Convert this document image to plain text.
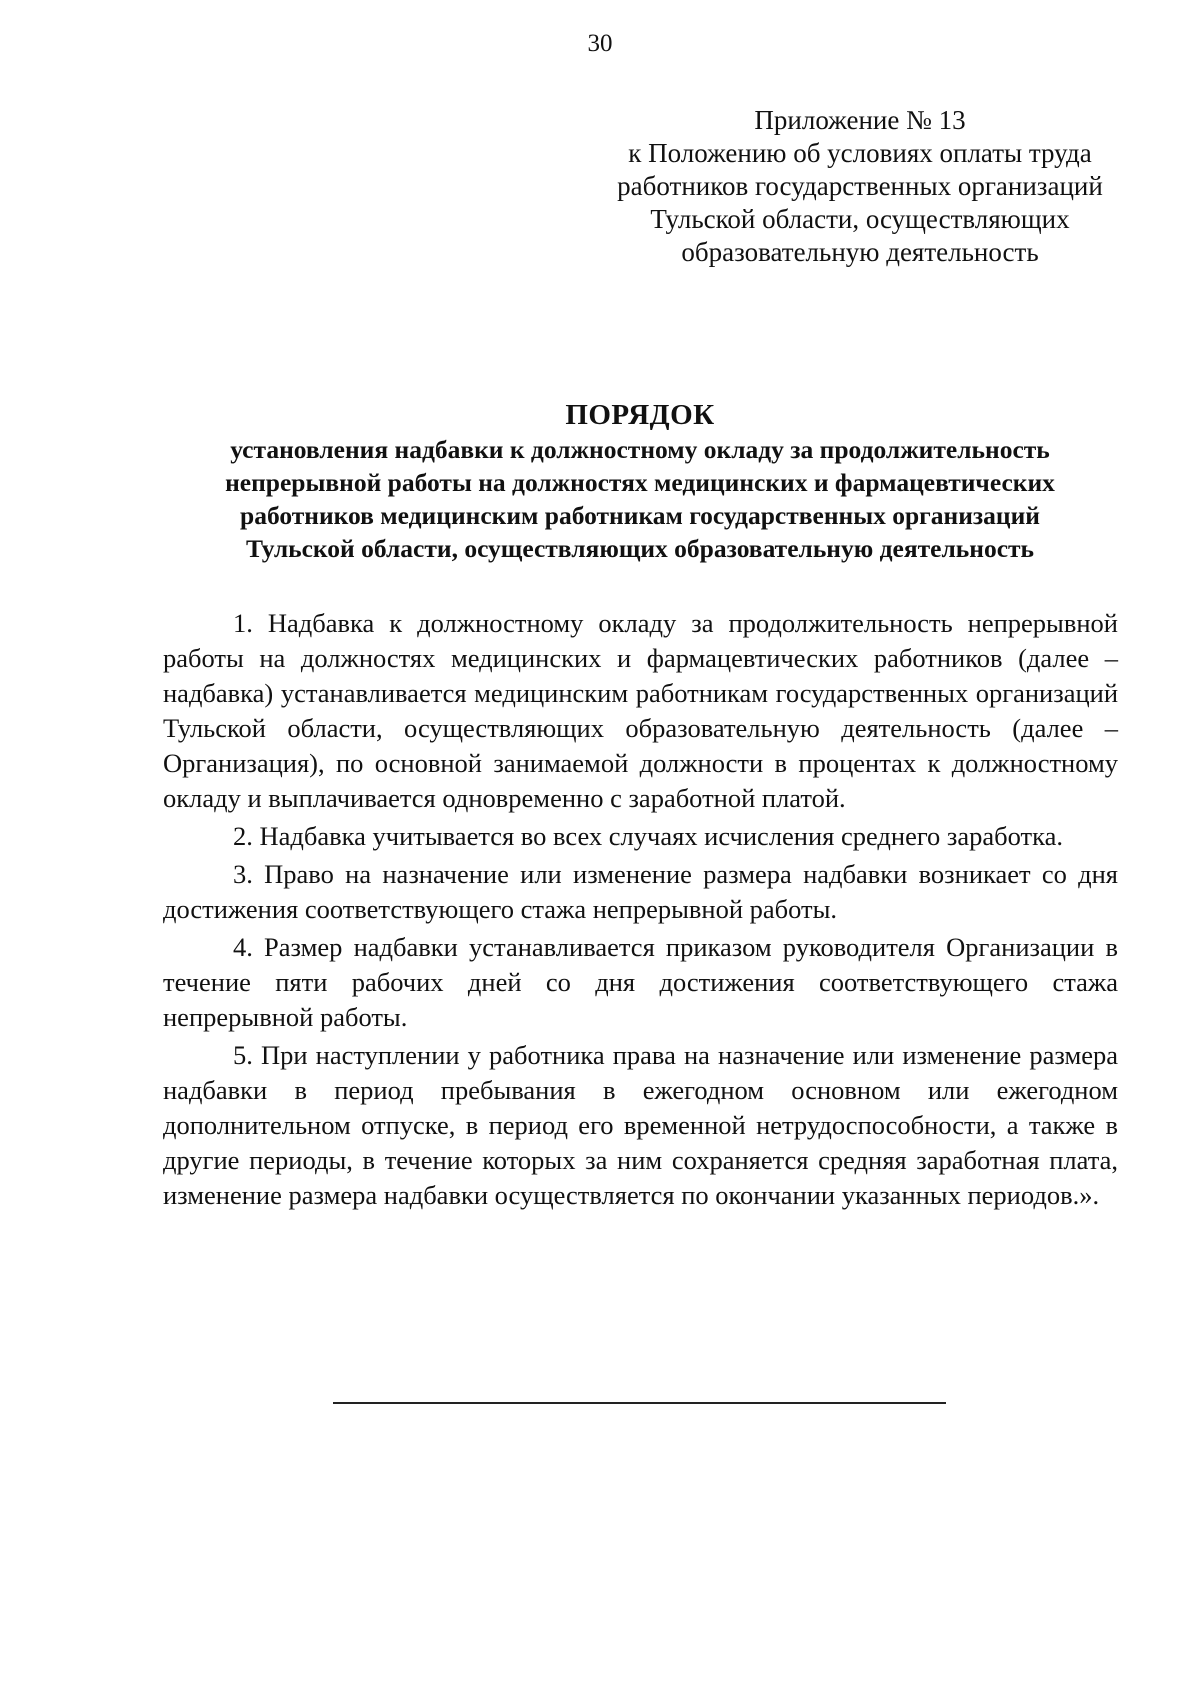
30
Приложение № 13
к Положению об условиях оплаты труда
работников государственных организаций
Тульской области, осуществляющих
образовательную деятельность
ПОРЯДОК
установления надбавки к должностному окладу за продолжительность
непрерывной работы на должностях медицинских и фармацевтических
работников медицинским работникам государственных организаций
Тульской области, осуществляющих образовательную деятельность

1. Надбавка к должностному окладу за продолжительность непрерывной работы на должностях медицинских и фармацевтических работников (далее – надбавка) устанавливается медицинским работникам государственных организаций Тульской области, осуществляющих образовательную деятельность (далее – Организация), по основной занимаемой должности в процентах к должностному окладу и выплачивается одновременно с заработной платой.

2. Надбавка учитывается во всех случаях исчисления среднего заработка.

3. Право на назначение или изменение размера надбавки возникает со дня достижения соответствующего стажа непрерывной работы.

4. Размер надбавки устанавливается приказом руководителя Организации в течение пяти рабочих дней со дня достижения соответствующего стажа непрерывной работы.

5. При наступлении у работника права на назначение или изменение размера надбавки в период пребывания в ежегодном основном или ежегодном дополнительном отпуске, в период его временной нетрудоспособности, а также в другие периоды, в течение которых за ним сохраняется средняя заработная плата, изменение размера надбавки осуществляется по окончании указанных периодов.».
